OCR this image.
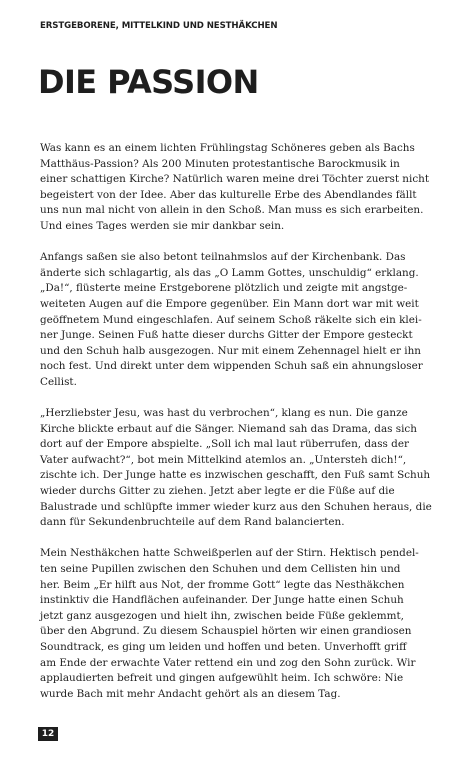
ERSTGEBORENE, MITTELKIND UND NESTHÄKCHEN
DIE PASSION

Was kann es an einem lichten Frühlingstag Schöneres geben als Bachs
Matthäus-Passion? Als 200 Minuten protestantische Barockmusik in
einer schattigen Kirche? Natürlich waren meine drei Töchter zuerst nicht
begeistert von der Idee. Aber das kulturelle Erbe des Abendlandes fällt
uns nun mal nicht von allein in den Schoß. Man muss es sich erarbeiten.
Und eines Tages werden sie mir dankbar sein.

Anfangs saßen sie also betont teilnahmslos auf der Kirchenbank. Das
änderte sich schlagartig, als das „O Lamm Gottes, unschuldig“ erklang.
„Da!“, flüsterte meine Erstgeborene plötzlich und zeigte mit angstge-
weiteten Augen auf die Empore gegenüber. Ein Mann dort war mit weit
geöffnetem Mund eingeschlafen. Auf seinem Schoß räkelte sich ein klei-
ner Junge. Seinen Fuß hatte dieser durchs Gitter der Empore gesteckt
und den Schuh halb ausgezogen. Nur mit einem Zehennagel hielt er ihn
noch fest. Und direkt unter dem wippenden Schuh saß ein ahnungsloser
Cellist.

„Herzliebster Jesu, was hast du verbrochen“, klang es nun. Die ganze
Kirche blickte erbaut auf die Sänger. Niemand sah das Drama, das sich
dort auf der Empore abspielte. „Soll ich mal laut rüberrufen, dass der
Vater aufwacht?“, bot mein Mittelkind atemlos an. „Untersteh dich!“,
zischte ich. Der Junge hatte es inzwischen geschafft, den Fuß samt Schuh
wieder durchs Gitter zu ziehen. Jetzt aber legte er die Füße auf die
Balustrade und schlüpfte immer wieder kurz aus den Schuhen heraus, die
dann für Sekundenbruchteile auf dem Rand balancierten.

Mein Nesthäkchen hatte Schweißperlen auf der Stirn. Hektisch pendel-
ten seine Pupillen zwischen den Schuhen und dem Cellisten hin und
her. Beim „Er hilft aus Not, der fromme Gott“ legte das Nesthäkchen
instinktiv die Handflächen aufeinander. Der Junge hatte einen Schuh
jetzt ganz ausgezogen und hielt ihn, zwischen beide Füße geklemmt,
über den Abgrund. Zu diesem Schauspiel hörten wir einen grandiosen
Soundtrack, es ging um leiden und hoffen und beten. Unverhofft griff
am Ende der erwachte Vater rettend ein und zog den Sohn zurück. Wir
applaudierten befreit und gingen aufgewühlt heim. Ich schwöre: Nie
wurde Bach mit mehr Andacht gehört als an diesem Tag.

12
